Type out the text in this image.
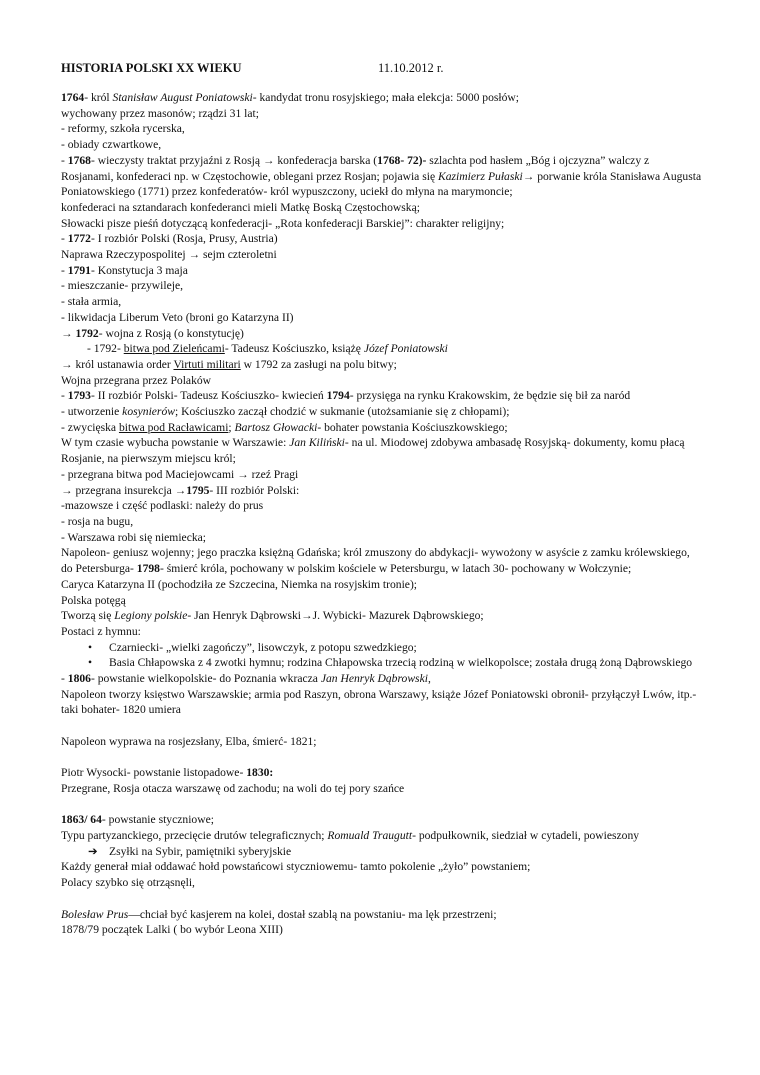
HISTORIA POLSKI XX WIEKU	11.10.2012 r.
1764- król Stanisław August Poniatowski- kandydat tronu rosyjskiego; mała elekcja: 5000 posłów;
wychowany przez masonów; rządzi 31 lat;
- reformy, szkoła rycerska,
- obiady czwartkowe,
- 1768- wieczysty traktat przyjaźni z Rosją → konfederacja barska (1768- 72)- szlachta pod hasłem „Bóg i ojczyzna” walczy z
Rosjanami, konfederaci np. w Częstochowie, oblegani przez Rosjan; pojawia się Kazimierz Pułaski→ porwanie króla Stanisława Augusta
Poniatowskiego (1771) przez konfederatów- król wypuszczony, uciekł do młyna na marymoncie;
konfederaci na sztandarach konfederanci mieli Matkę Boską Częstochowską;
Słowacki pisze pieśń dotyczącą konfederacji- „Rota konfederacji Barskiej”: charakter religijny;
- 1772- I rozbiór Polski (Rosja, Prusy, Austria)
Naprawa Rzeczypospolitej → sejm czteroletni
- 1791- Konstytucja 3 maja
- mieszczanie- przywileje,
- stała armia,
- likwidacja Liberum Veto (broni go Katarzyna II)
→ 1792- wojna z Rosją (o konstytucję)
- 1792- bitwa pod Zieleńcami- Tadeusz Kościuszko, książę Józef Poniatowski
→ król ustanawia order Virtuti militari w 1792 za zasługi na polu bitwy;
Wojna przegrana przez Polaków
- 1793- II rozbiór Polski- Tadeusz Kościuszko- kwiecień 1794- przysięga na rynku Krakowskim, że będzie się bił za naród
- utworzenie kosynierów; Kościuszko zaczął chodzić w sukmanie (utożsamianie się z chłopami);
- zwycięska bitwa pod Racławicami; Bartosz Głowacki- bohater powstania Kościuszkowskiego;
W tym czasie wybucha powstanie w Warszawie: Jan Kiliński- na ul. Miodowej zdobywa ambasadę Rosyjską- dokumenty, komu płacą
Rosjanie, na pierwszym miejscu król;
- przegrana bitwa pod Maciejowcami → rzeź Pragi
→ przegrana insurekcja →1795- III rozbiór Polski:
-mazowsze i część podlaski: należy do prus
- rosja na bugu,
- Warszawa robi się niemiecka;
Napoleon- geniusz wojenny; jego praczka księżną Gdańska; król zmuszony do abdykacji- wywożony w asyście z zamku królewskiego,
do Petersburga- 1798- śmierć króla, pochowany w polskim kościele w Petersburgu, w latach 30- pochowany w Wołczynie;
Caryca Katarzyna II (pochodziła ze Szczecina, Niemka na rosyjskim tronie);
Polska potęgą
Tworzą się Legiony polskie- Jan Henryk Dąbrowski→J. Wybicki- Mazurek Dąbrowskiego;
Postaci z hymnu:
• Czarniecki- „wielki zagończy”, lisowczyk, z potopu szwedzkiego;
• Basia Chłapowska z 4 zwotki hymnu; rodzina Chłapowska trzecią rodziną w wielkopolsce; została drugą żoną Dąbrowskiego
- 1806- powstanie wielkopolskie- do Poznania wkracza Jan Henryk Dąbrowski,
Napoleon tworzy księstwo Warszawskie; armia pod Raszyn, obrona Warszawy, książe Józef Poniatowski obronił- przyłączył Lwów, itp.-
taki bohater- 1820 umiera
Napoleon wyprawa na rosjezsłany, Elba, śmierć- 1821;
Piotr Wysocki- powstanie listopadowe- 1830:
Przegrane, Rosja otacza warszawę od zachodu; na woli do tej pory szańce
1863/ 64- powstanie styczniowe;
Typu partyzanckiego, przecięcie drutów telegraficznych; Romuald Traugutt- podpułkownik, siedział w cytadeli, powieszony
➔ Zsyłki na Sybir, pamiętniki syberyjskie
Każdy generał miał oddawać hołd powstańcowi styczniowemu- tamto pokolenie „żyło” powstaniem;
Polacy szybko się otrząsnęli,
Bolesław Prus—chciał być kasjerem na kolei, dostał szablą na powstaniu- ma lęk przestrzeni;
1878/79 początek Lalki ( bo wybór Leona XIII)
